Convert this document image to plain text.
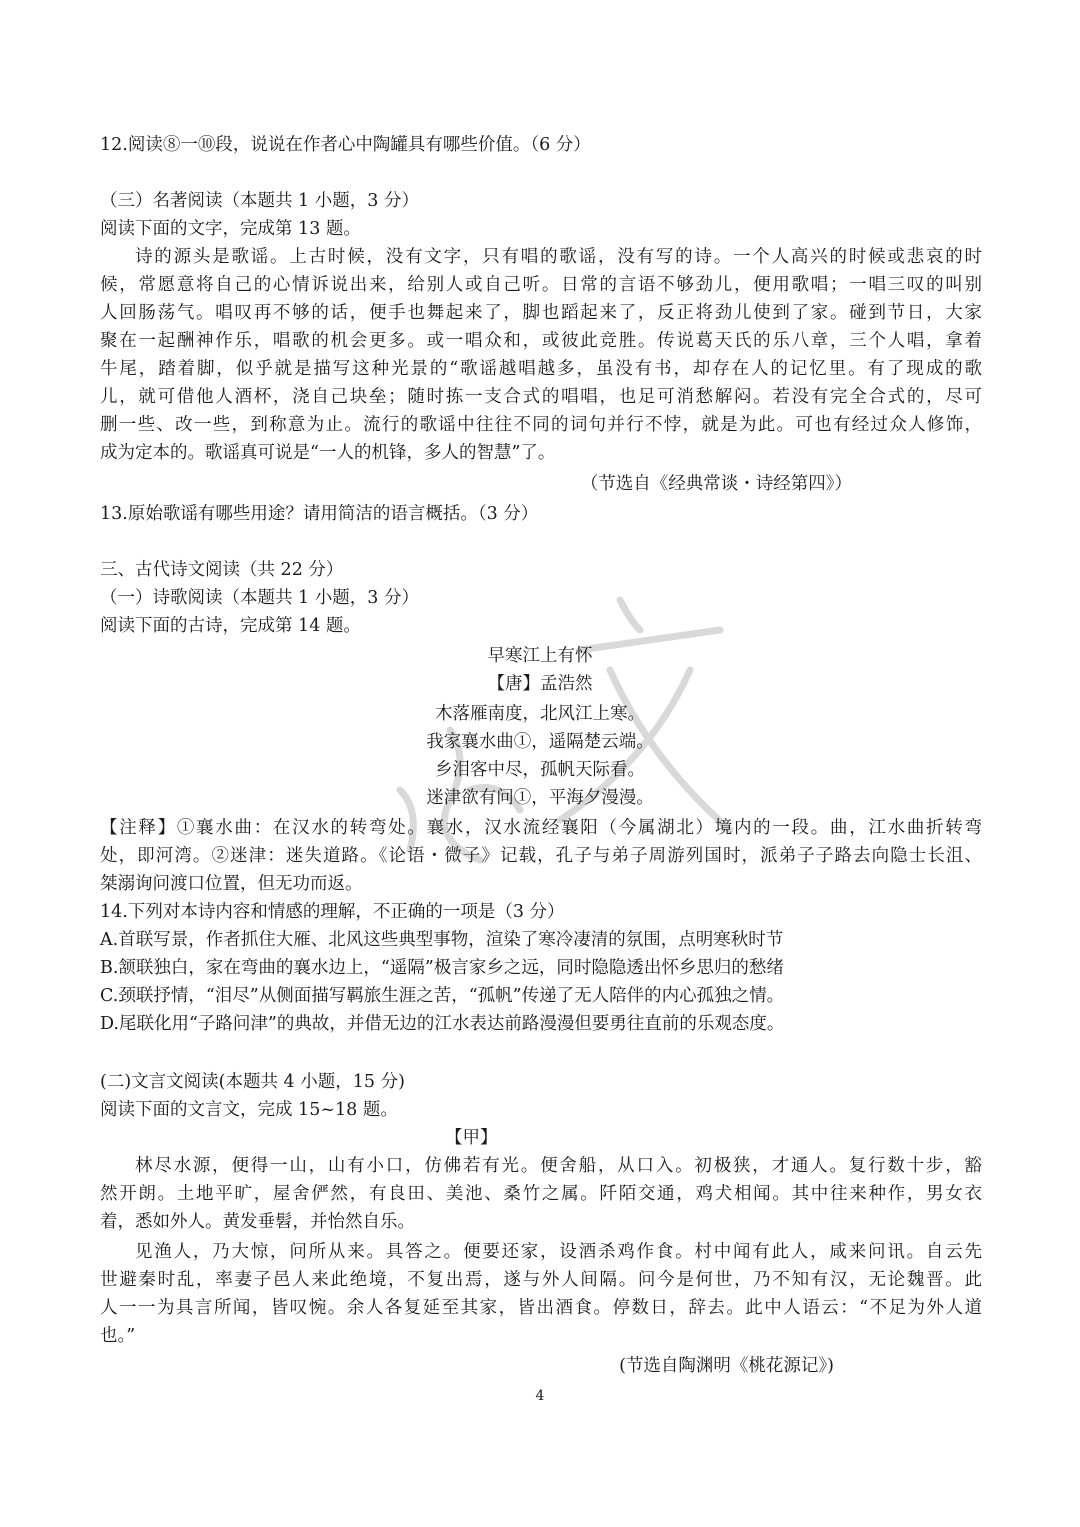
12.阅读⑧一⑩段，说说在作者心中陶罐具有哪些价值。（6 分）
（三）名著阅读（本题共 1 小题，3 分）
阅读下面的文字，完成第 13 题。
诗的源头是歌谣。上古时候，没有文字，只有唱的歌谣，没有写的诗。一个人高兴的时候或悲哀的时
候，常愿意将自己的心情诉说出来，给别人或自己听。日常的言语不够劲儿，便用歌唱；一唱三叹的叫别
人回肠荡气。唱叹再不够的话，便手也舞起来了，脚也蹈起来了，反正将劲儿使到了家。碰到节日，大家
聚在一起酬神作乐，唱歌的机会更多。或一唱众和，或彼此竞胜。传说葛天氏的乐八章，三个人唱，拿着
牛尾，踏着脚，似乎就是描写这种光景的“歌谣越唱越多，虽没有书，却存在人的记忆里。有了现成的歌
儿，就可借他人酒杯，浇自己块垒；随时拣一支合式的唱唱，也足可消愁解闷。若没有完全合式的，尽可
删一些、改一些，到称意为止。流行的歌谣中往往不同的词句并行不悖，就是为此。可也有经过众人修饰，
成为定本的。歌谣真可说是“一人的机锋，多人的智慧”了。
（节选自《经典常谈・诗经第四》）
13.原始歌谣有哪些用途？请用简洁的语言概括。（3 分）
三、古代诗文阅读（共 22 分）
（一）诗歌阅读（本题共 1 小题，3 分）
阅读下面的古诗，完成第 14 题。
早寒江上有怀
【唐】孟浩然
木落雁南度，北风江上寒。
我家襄水曲①，遥隔楚云端。
乡泪客中尽，孤帆天际看。
迷津欲有问①，平海夕漫漫。
【注释】①襄水曲：在汉水的转弯处。襄水，汉水流经襄阳（今属湖北）境内的一段。曲，江水曲折转弯
处，即河湾。②迷津：迷失道路。《论语・微子》记载，孔子与弟子周游列国时，派弟子子路去向隐士长沮、
桀溺询问渡口位置，但无功而返。
14.下列对本诗内容和情感的理解，不正确的一项是（3 分）
A.首联写景，作者抓住大雁、北风这些典型事物，渲染了寒冷凄清的氛围，点明寒秋时节
B.颔联独白，家在弯曲的襄水边上，“遥隔”极言家乡之远，同时隐隐透出怀乡思归的愁绪
C.颈联抒情，“泪尽”从侧面描写羁旅生涯之苦，“孤帆”传递了无人陪伴的内心孤独之情。
D.尾联化用“子路问津”的典故，并借无边的江水表达前路漫漫但要勇往直前的乐观态度。
(二)文言文阅读(本题共 4 小题，15 分)
阅读下面的文言文，完成 15~18 题。
【甲】
林尽水源，便得一山，山有小口，仿佛若有光。便舍船，从口入。初极狭，才通人。复行数十步，豁
然开朗。土地平旷，屋舍俨然，有良田、美池、桑竹之属。阡陌交通，鸡犬相闻。其中往来种作，男女衣
着，悉如外人。黄发垂髫，并怡然自乐。
见渔人，乃大惊，问所从来。具答之。便要还家，设酒杀鸡作食。村中闻有此人，咸来问讯。自云先
世避秦时乱，率妻子邑人来此绝境，不复出焉，遂与外人间隔。问今是何世，乃不知有汉，无论魏晋。此
人一一为具言所闻，皆叹惋。余人各复延至其家，皆出酒食。停数日，辞去。此中人语云：“不足为外人道
也。”
(节选自陶渊明《桃花源记》)
4
